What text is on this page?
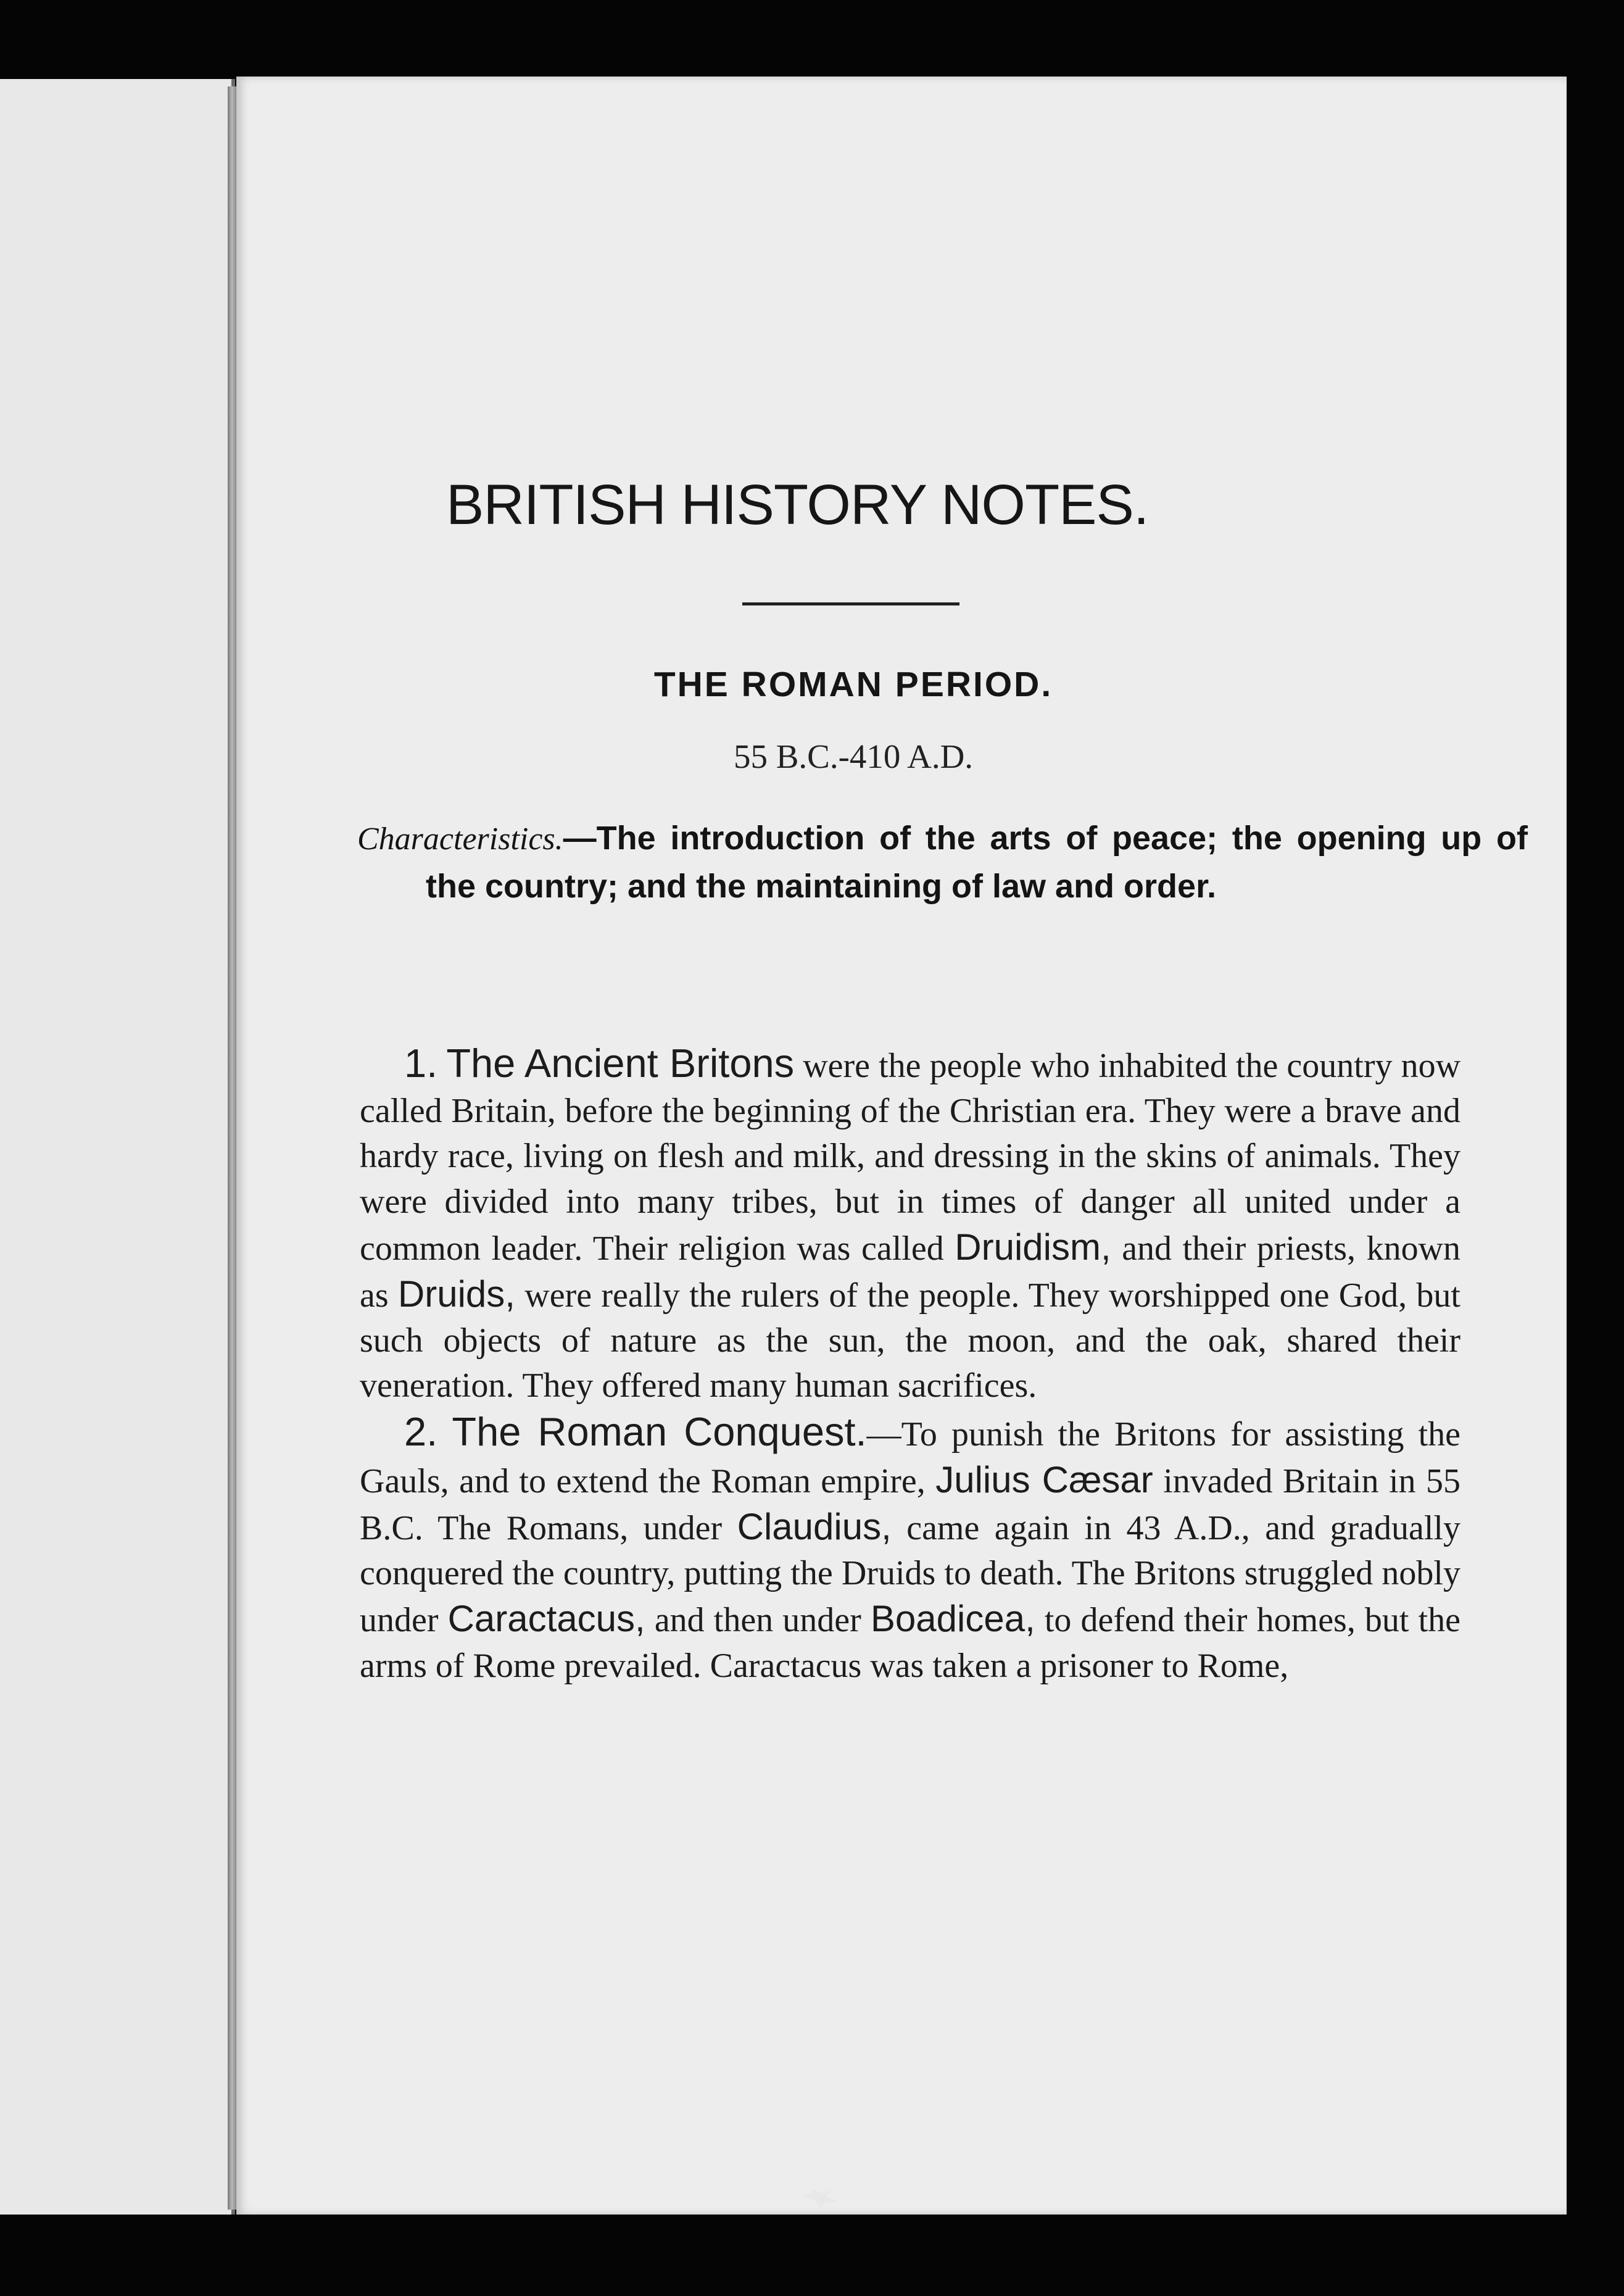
BRITISH HISTORY NOTES.
THE ROMAN PERIOD.
55 B.C.-410 A.D.
Characteristics.—The introduction of the arts of peace; the opening up of the country; and the maintaining of law and order.

1. The Ancient Britons were the people who inhabited the country now called Britain, before the beginning of the Christian era. They were a brave and hardy race, living on flesh and milk, and dressing in the skins of animals. They were divided into many tribes, but in times of danger all united under a common leader. Their religion was called Druidism, and their priests, known as Druids, were really the rulers of the people. They worshipped one God, but such objects of nature as the sun, the moon, and the oak, shared their veneration. They offered many human sacrifices.

2. The Roman Conquest.—To punish the Britons for assisting the Gauls, and to extend the Roman empire, Julius Cæsar invaded Britain in 55 B.C. The Romans, under Claudius, came again in 43 A.D., and gradually conquered the country, putting the Druids to death. The Britons struggled nobly under Caractacus, and then under Boadicea, to defend their homes, but the arms of Rome prevailed. Caractacus was taken a prisoner to Rome,
